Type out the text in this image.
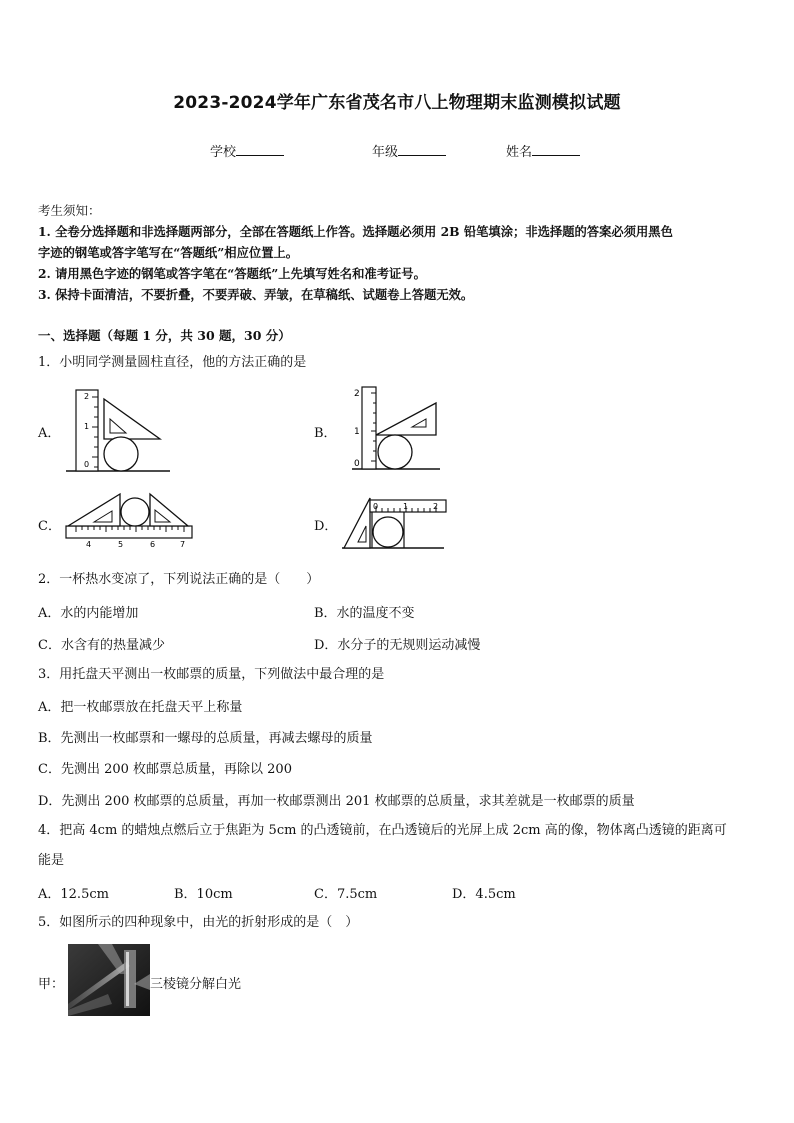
2023-2024学年广东省茂名市八上物理期末监测模拟试题
学校	年级	姓名
考生须知：
1. 全卷分选择题和非选择题两部分，全部在答题纸上作答。选择题必须用 2B 铅笔填涂；非选择题的答案必须用黑色
字迹的钢笔或答字笔写在“答题纸”相应位置上。
2. 请用黑色字迹的钢笔或答字笔在“答题纸”上先填写姓名和准考证号。
3. 保持卡面清洁，不要折叠，不要弄破、弄皱，在草稿纸、试题卷上答题无效。
一、选择题（每题 1 分，共 30 题，30 分）
1．小明同学测量圆柱直径，他的方法正确的是
A．	B．
C．	D．
2
1
0
2
1
0
4	5	6	7
0	1	2
2．一杯热水变凉了，下列说法正确的是（　　）
A．水的内能增加	B．水的温度不变
C．水含有的热量减少	D．水分子的无规则运动减慢
3．用托盘天平测出一枚邮票的质量，下列做法中最合理的是
A．把一枚邮票放在托盘天平上称量
B．先测出一枚邮票和一螺母的总质量，再减去螺母的质量
C．先测出 200 枚邮票总质量，再除以 200
D．先测出 200 枚邮票的总质量，再加一枚邮票测出 201 枚邮票的总质量，求其差就是一枚邮票的质量
4．把高 4cm 的蜡烛点燃后立于焦距为 5cm 的凸透镜前，在凸透镜后的光屏上成 2cm 高的像，物体离凸透镜的距离可
能是
A．12.5cm	B．10cm	C．7.5cm	D．4.5cm
5．如图所示的四种现象中，由光的折射形成的是（　）
甲：	三棱镜分解白光
